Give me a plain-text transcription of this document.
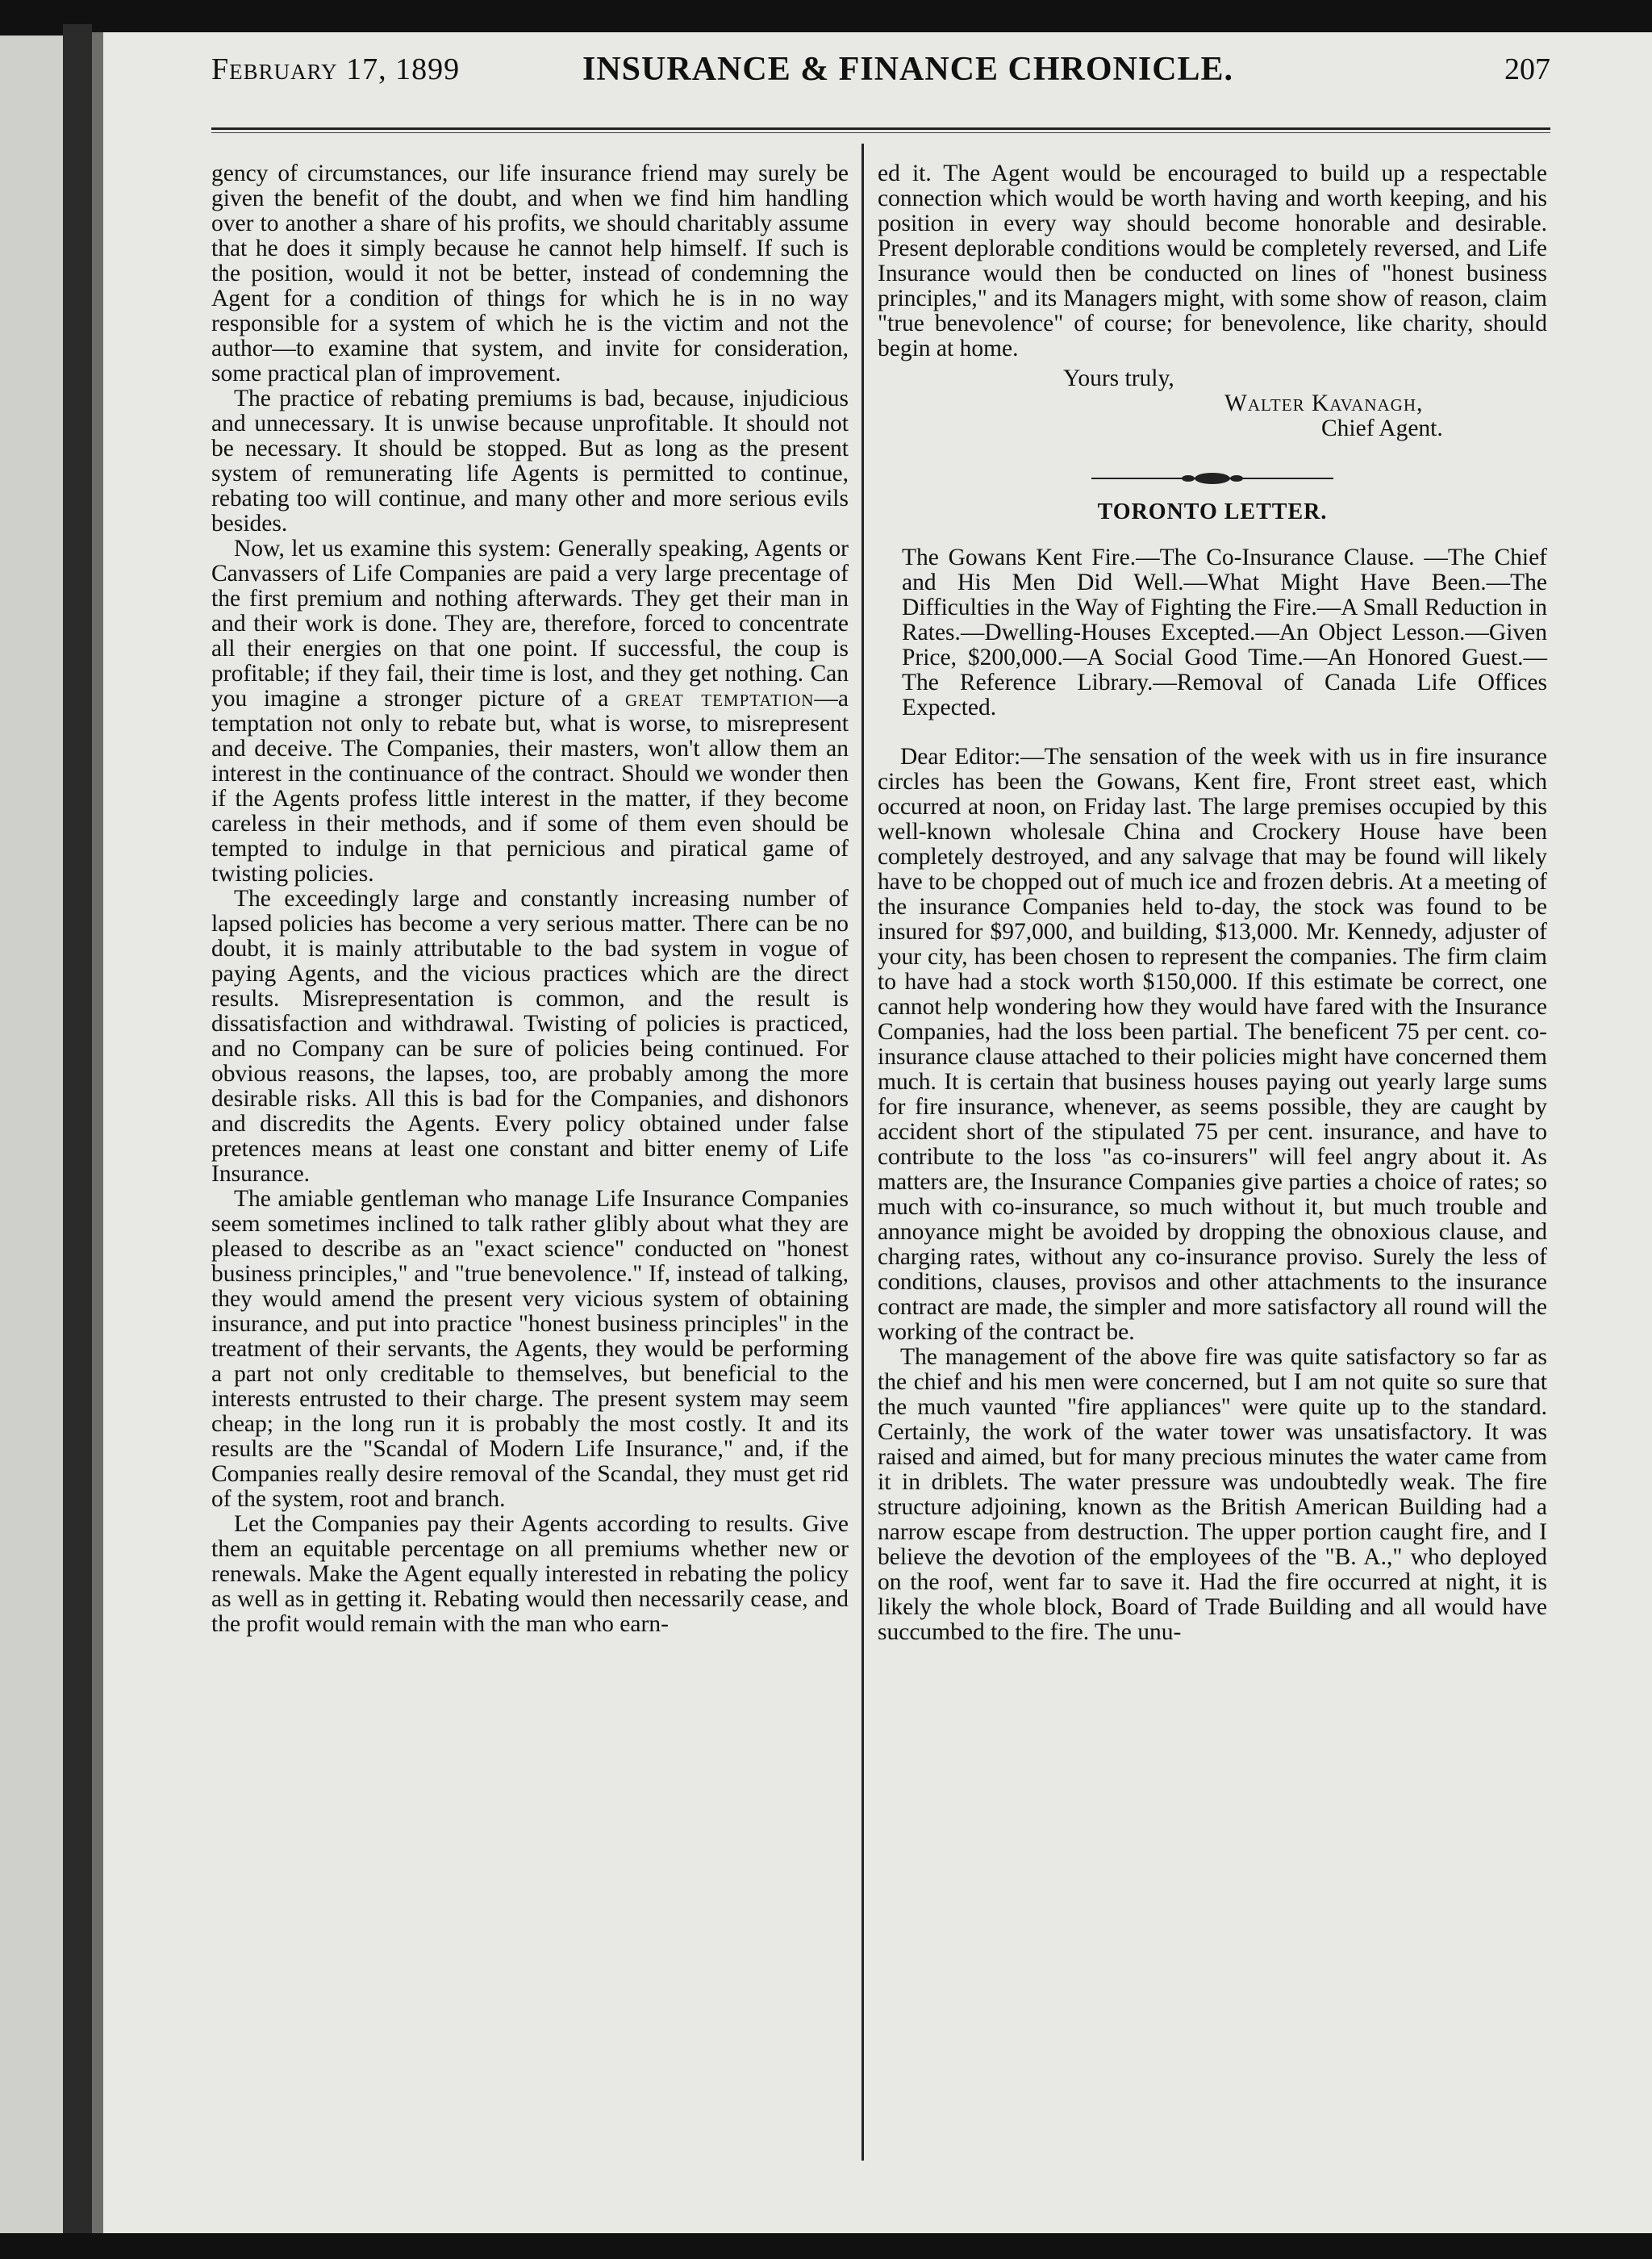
February 17, 1899	INSURANCE & FINANCE CHRONICLE.	207

gency of circumstances, our life insurance friend may surely be given the benefit of the doubt, and when we find him handling over to another a share of his profits, we should charitably assume that he does it simply because he cannot help himself. If such is the position, would it not be better, instead of condemning the Agent for a condition of things for which he is in no way responsible for a system of which he is the victim and not the author—to examine that system, and invite for consideration, some practical plan of improvement.

The practice of rebating premiums is bad, because, injudicious and unnecessary. It is unwise because unprofitable. It should not be necessary. It should be stopped. But as long as the present system of remunerating life Agents is permitted to continue, rebating too will continue, and many other and more serious evils besides.

Now, let us examine this system: Generally speaking, Agents or Canvassers of Life Companies are paid a very large precentage of the first premium and nothing afterwards. They get their man in and their work is done. They are, therefore, forced to concentrate all their energies on that one point. If successful, the coup is profitable; if they fail, their time is lost, and they get nothing. Can you imagine a stronger picture of a great temptation—a temptation not only to rebate but, what is worse, to misrepresent and deceive. The Companies, their masters, won't allow them an interest in the continuance of the contract. Should we wonder then if the Agents profess little interest in the matter, if they become careless in their methods, and if some of them even should be tempted to indulge in that pernicious and piratical game of twisting policies.

The exceedingly large and constantly increasing number of lapsed policies has become a very serious matter. There can be no doubt, it is mainly attributable to the bad system in vogue of paying Agents, and the vicious practices which are the direct results. Misrepresentation is common, and the result is dissatisfaction and withdrawal. Twisting of policies is practiced, and no Company can be sure of policies being continued. For obvious reasons, the lapses, too, are probably among the more desirable risks. All this is bad for the Companies, and dishonors and discredits the Agents. Every policy obtained under false pretences means at least one constant and bitter enemy of Life Insurance.

The amiable gentleman who manage Life Insurance Companies seem sometimes inclined to talk rather glibly about what they are pleased to describe as an "exact science" conducted on "honest business principles," and "true benevolence." If, instead of talking, they would amend the present very vicious system of obtaining insurance, and put into practice "honest business principles" in the treatment of their servants, the Agents, they would be performing a part not only creditable to themselves, but beneficial to the interests entrusted to their charge. The present system may seem cheap; in the long run it is probably the most costly. It and its results are the "Scandal of Modern Life Insurance," and, if the Companies really desire removal of the Scandal, they must get rid of the system, root and branch.

Let the Companies pay their Agents according to results. Give them an equitable percentage on all premiums whether new or renewals. Make the Agent equally interested in rebating the policy as well as in getting it. Rebating would then necessarily cease, and the profit would remain with the man who earn-

ed it. The Agent would be encouraged to build up a respectable connection which would be worth having and worth keeping, and his position in every way should become honorable and desirable. Present deplorable conditions would be completely reversed, and Life Insurance would then be conducted on lines of "honest business principles," and its Managers might, with some show of reason, claim "true benevolence" of course; for benevolence, like charity, should begin at home.

Yours truly,
Walter Kavanagh,
Chief Agent.
TORONTO LETTER.

The Gowans Kent Fire.—The Co-Insurance Clause. —The Chief and His Men Did Well.—What Might Have Been.—The Difficulties in the Way of Fighting the Fire.—A Small Reduction in Rates.—Dwelling-Houses Excepted.—An Object Lesson.—Given Price, $200,000.—A Social Good Time.—An Honored Guest.—The Reference Library.—Removal of Canada Life Offices Expected.

Dear Editor:—The sensation of the week with us in fire insurance circles has been the Gowans, Kent fire, Front street east, which occurred at noon, on Friday last. The large premises occupied by this well-known wholesale China and Crockery House have been completely destroyed, and any salvage that may be found will likely have to be chopped out of much ice and frozen debris. At a meeting of the insurance Companies held to-day, the stock was found to be insured for $97,000, and building, $13,000. Mr. Kennedy, adjuster of your city, has been chosen to represent the companies. The firm claim to have had a stock worth $150,000. If this estimate be correct, one cannot help wondering how they would have fared with the Insurance Companies, had the loss been partial. The beneficent 75 per cent. co-insurance clause attached to their policies might have concerned them much. It is certain that business houses paying out yearly large sums for fire insurance, whenever, as seems possible, they are caught by accident short of the stipulated 75 per cent. insurance, and have to contribute to the loss "as co-insurers" will feel angry about it. As matters are, the Insurance Companies give parties a choice of rates; so much with co-insurance, so much without it, but much trouble and annoyance might be avoided by dropping the obnoxious clause, and charging rates, without any co-insurance proviso. Surely the less of conditions, clauses, provisos and other attachments to the insurance contract are made, the simpler and more satisfactory all round will the working of the contract be.

The management of the above fire was quite satisfactory so far as the chief and his men were concerned, but I am not quite so sure that the much vaunted "fire appliances" were quite up to the standard. Certainly, the work of the water tower was unsatisfactory. It was raised and aimed, but for many precious minutes the water came from it in driblets. The water pressure was undoubtedly weak. The fire structure adjoining, known as the British American Building had a narrow escape from destruction. The upper portion caught fire, and I believe the devotion of the employees of the "B. A.," who deployed on the roof, went far to save it. Had the fire occurred at night, it is likely the whole block, Board of Trade Building and all would have succumbed to the fire. The unu-
